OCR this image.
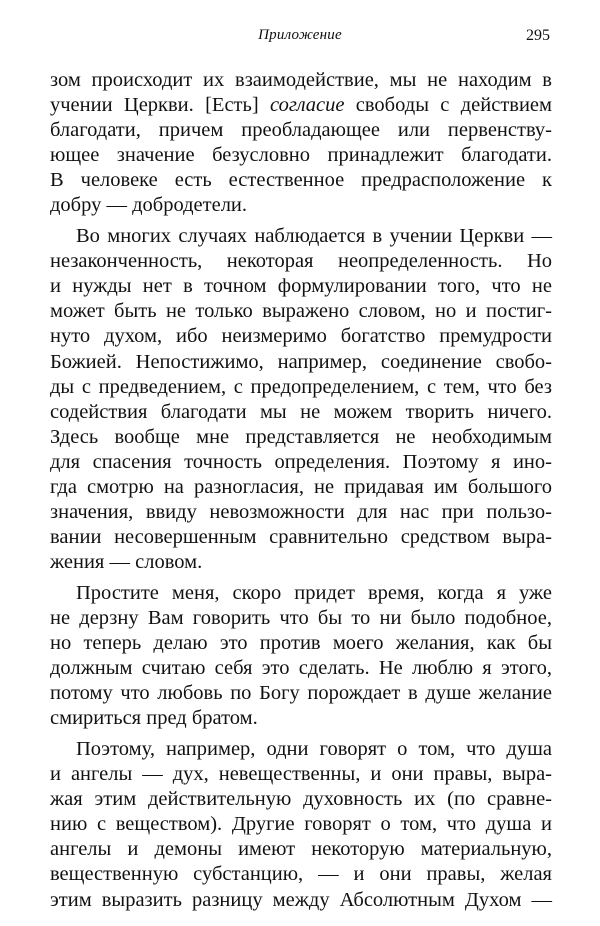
Приложение	295
зом происходит их взаимодействие, мы не находим в
учении Церкви. [Есть] согласие свободы с действием
благодати, причем преобладающее или первенству-
ющее значение безусловно принадлежит благодати.
В человеке есть естественное предрасположение к
добру — добродетели.
Во многих случаях наблюдается в учении Церкви —
незаконченность, некоторая неопределенность. Но
и нужды нет в точном формулировании того, что не
может быть не только выражено словом, но и постиг-
нуто духом, ибо неизмеримо богатство премудрости
Божией. Непостижимо, например, соединение свобо-
ды с предведением, с предопределением, с тем, что без
содействия благодати мы не можем творить ничего.
Здесь вообще мне представляется не необходимым
для спасения точность определения. Поэтому я ино-
гда смотрю на разногласия, не придавая им большого
значения, ввиду невозможности для нас при пользо-
вании несовершенным сравнительно средством выра-
жения — словом.
Простите меня, скоро придет время, когда я уже
не дерзну Вам говорить что бы то ни было подобное,
но теперь делаю это против моего желания, как бы
должным считаю себя это сделать. Не люблю я этого,
потому что любовь по Богу порождает в душе желание
смириться пред братом.
Поэтому, например, одни говорят о том, что душа
и ангелы — дух, невещественны, и они правы, выра-
жая этим действительную духовность их (по сравне-
нию с веществом). Другие говорят о том, что душа и
ангелы и демоны имеют некоторую материальную,
вещественную субстанцию, — и они правы, желая
этим выразить разницу между Абсолютным Духом —
